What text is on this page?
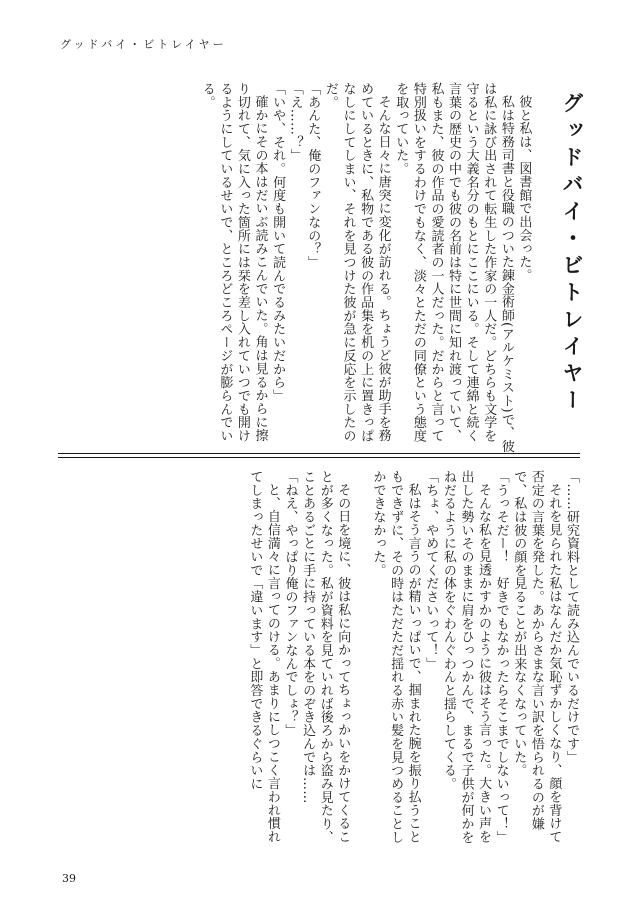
グッドバイ・ビトレイヤー

グッドバイ・ビトレイヤー

彼と私は、図書館で出会った。

私は特務司書と役職のついた錬金術師(アルケミスト)で、彼は私に詠び出されて転生した作家の一人だ。どちらも文学を守るという大義名分のもとにここにいる。そして連綿と続く言葉の歴史の中でも彼の名前は特に世間に知れ渡っていて、私もまた、彼の作品の愛読者の一人だった。だからと言って特別扱いをするわけでもなく、淡々とただの同僚という態度を取っていた。

そんな日々に唐突に変化が訪れる。ちょうど彼が助手を務めているときに、私物である彼の作品集を机の上に置きっぱなしにしてしまい、それを見つけた彼が急に反応を示したのだ。

「あんた、俺のファンなの？」

「え……？」

「いや、それ。何度も開いて読んでるみたいだから」

確かにその本はだいぶ読みこんでいた。角は見るからに擦り切れて、気に入った箇所には栞を差し入れていつでも開けるようにしているせいで、ところどころページが膨らんでいる。

「……研究資料として読み込んでいるだけです」

それを見られた私はなんだか気恥ずかしくなり、顔を背けて否定の言葉を発した。あからさまな言い訳を悟られるのが嫌で、私は彼の顔を見ることが出来なくなっていた。

「うっそだー！　好きでもなかったらそこまでしないって！」

そんな私を見透かすかのように彼はそう言った。大きい声を出した勢いそのままに肩をひっつかんで、まるで子供が何かをねだるように私の体をぐわんぐわんと揺らしてくる。

「ちょ、やめてくださいって！」

私はそう言うのが精いっぱいで、掴まれた腕を振り払うこともできずに、その時はただただ揺れる赤い髪を見つめることしかできなかった。

その日を境に、彼は私に向かってちょっかいをかけてくることが多くなった。私が資料を見ていれば後ろから盗み見たり、ことあるごとに手に持っている本をのぞき込んでは……

「ねえ、やっぱり俺のファンなんでしょ？」

と、自信満々に言ってのける。あまりにしつこく言われ慣れてしまったせいで「違います」と即答できるぐらいに

39
